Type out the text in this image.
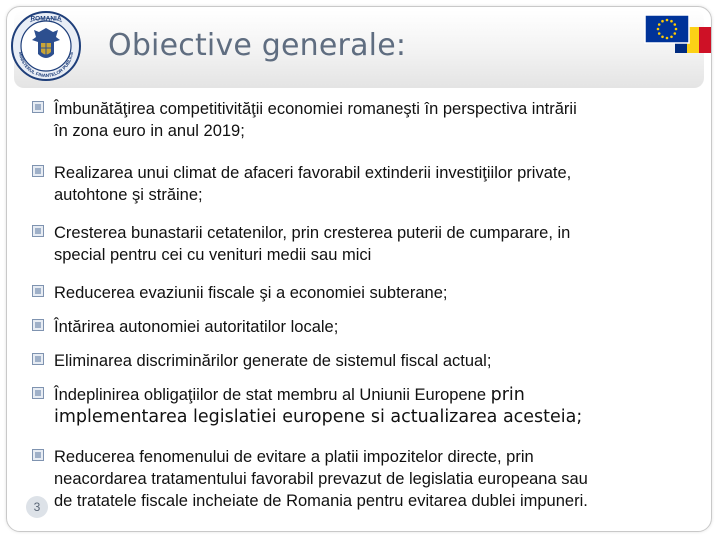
ROMANIA
MINISTERUL FINANTELOR PUBLICE Obiective generale:
Îmbunătăţirea competitivităţii economiei romaneşti în perspectiva intrării
în zona euro in anul 2019;
Realizarea unui climat de afaceri favorabil extinderii investiţiilor private,
autohtone şi străine;
Cresterea bunastarii cetatenilor, prin cresterea puterii de cumparare, in
special pentru cei cu venituri medii sau mici
Reducerea evaziunii fiscale şi a economiei subterane;
Întărirea autonomiei autoritatilor locale;
Eliminarea discriminărilor generate de sistemul fiscal actual;
Îndeplinirea obligaţiilor de stat membru al Uniunii Europene prin
implementarea legislatiei europene si actualizarea acesteia;
Reducerea fenomenului de evitare a platii impozitelor directe, prin
neacordarea tratamentului favorabil prevazut de legislatia europeana sau
de tratatele fiscale incheiate de Romania pentru evitarea dublei impuneri.
3
